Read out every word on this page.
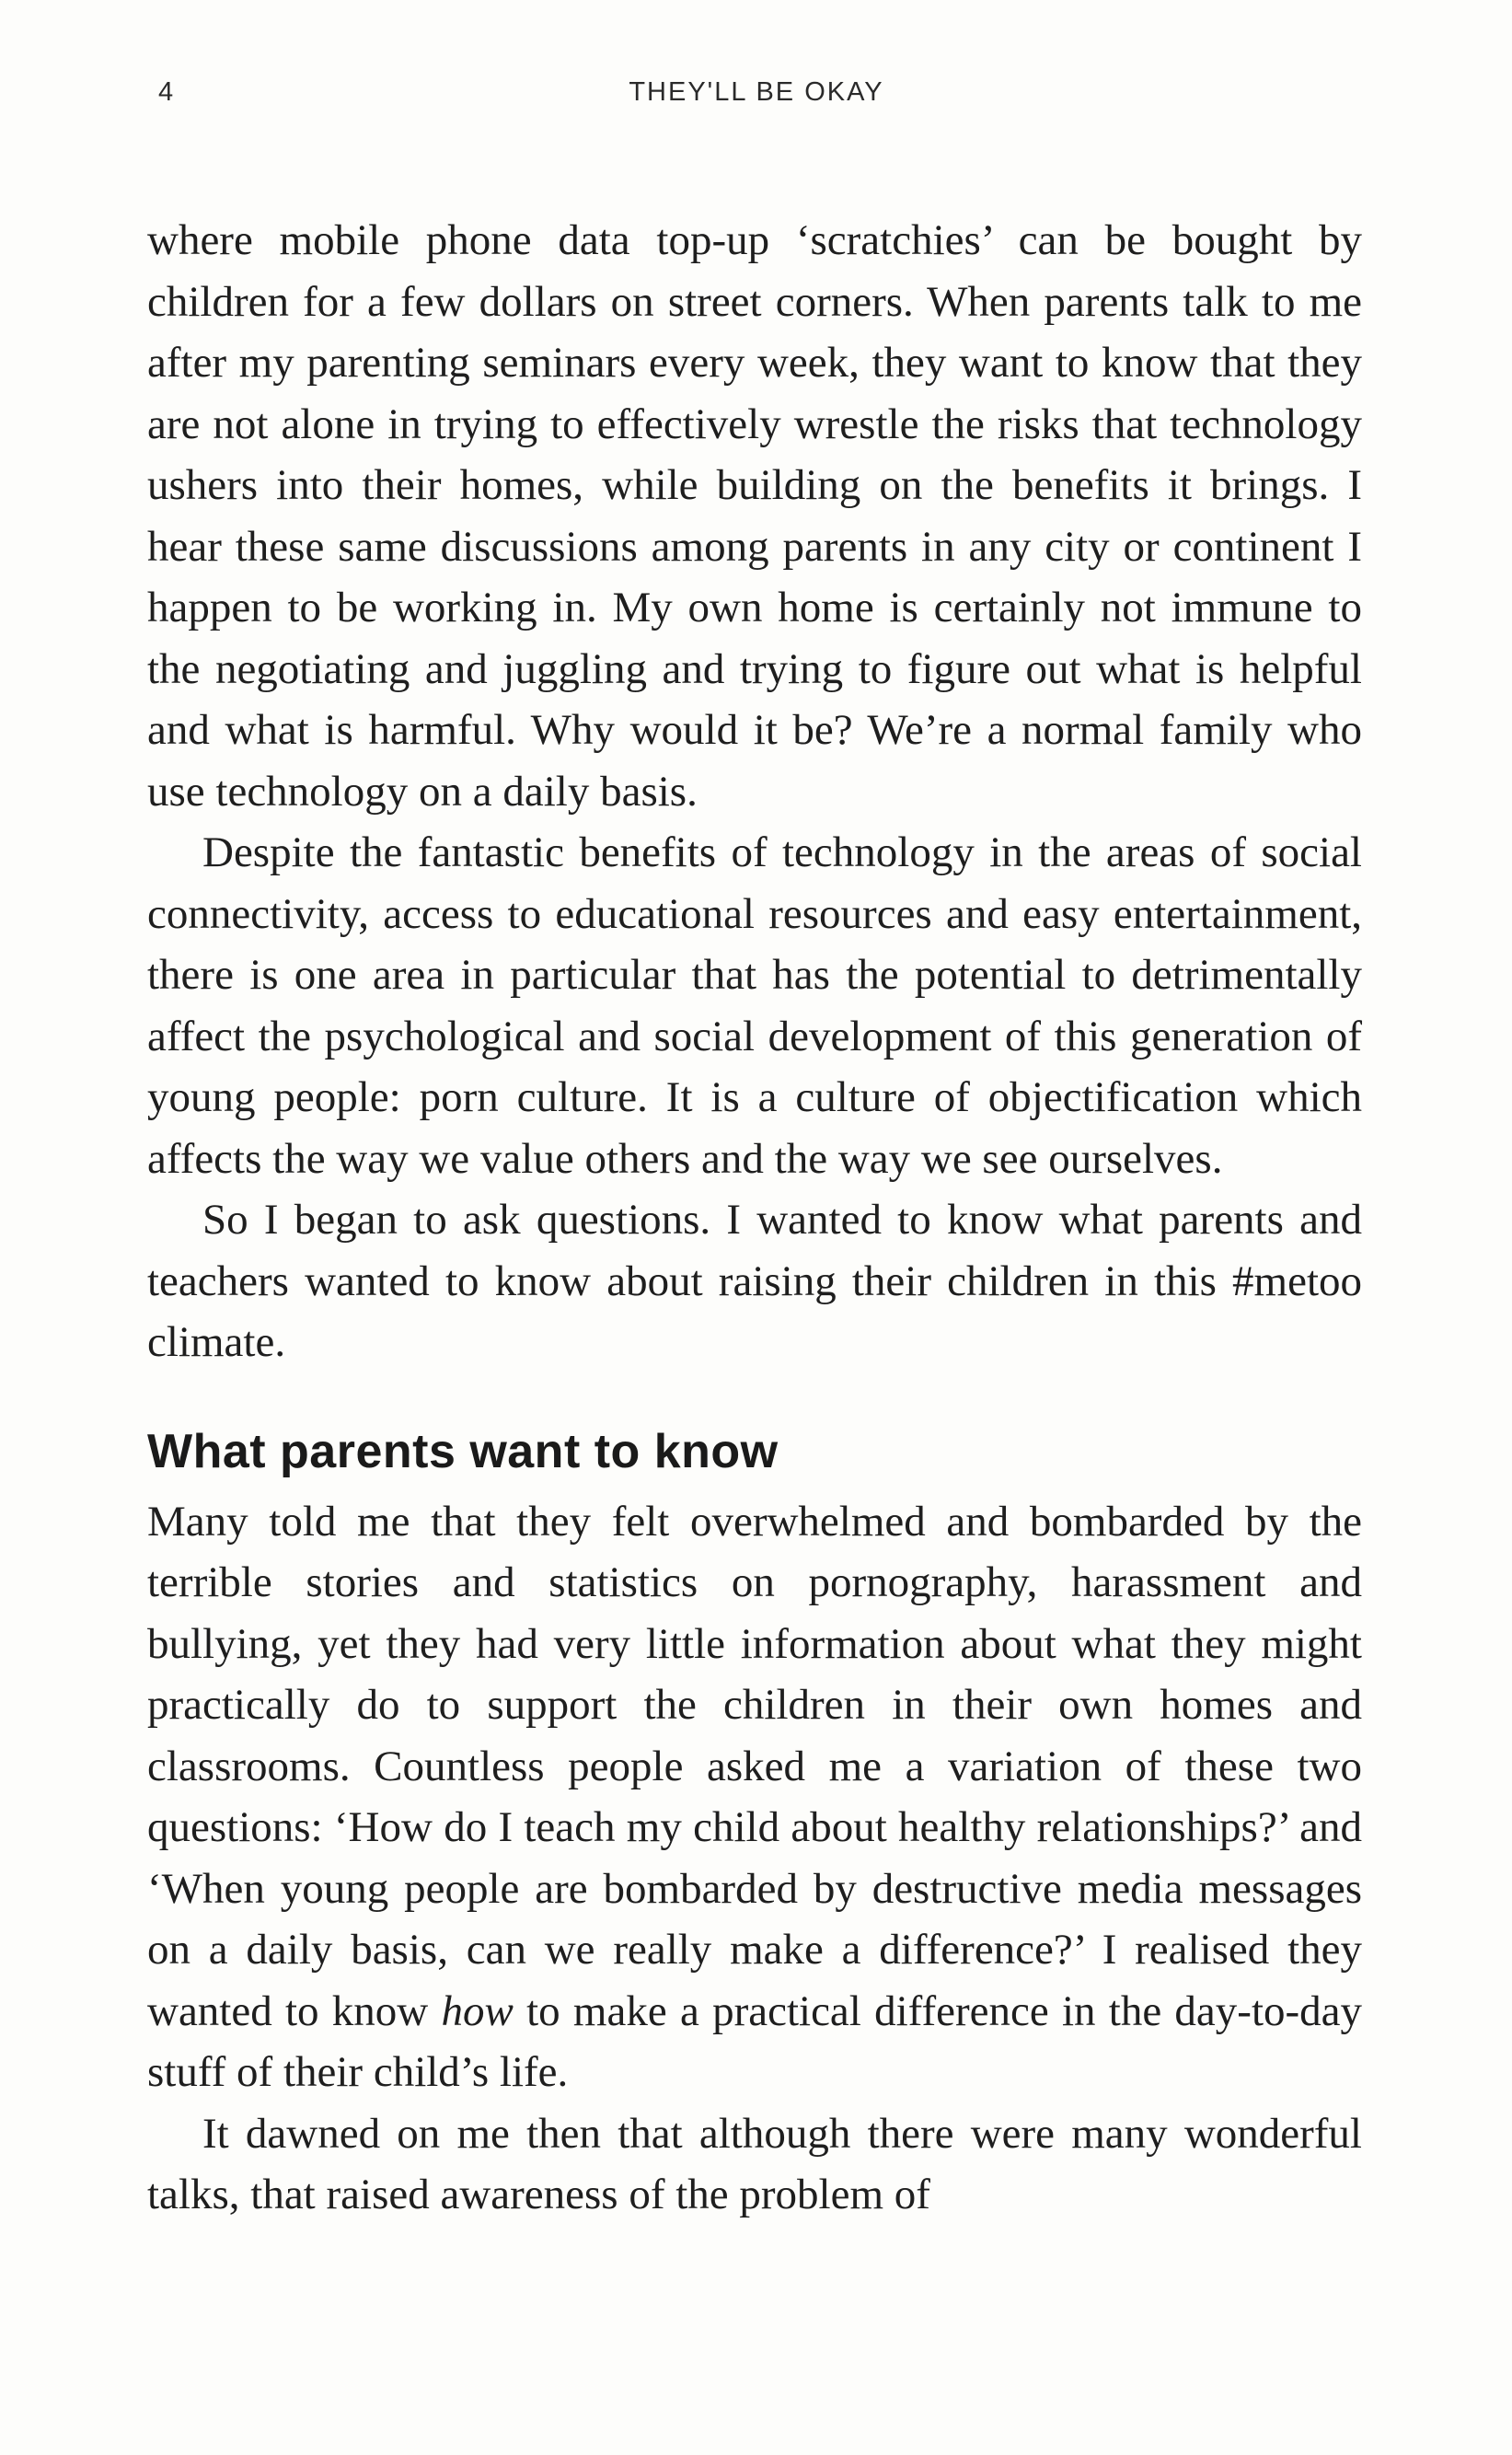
4	THEY'LL BE OKAY

where mobile phone data top-up ‘scratchies’ can be bought by children for a few dollars on street corners. When parents talk to me after my parenting seminars every week, they want to know that they are not alone in trying to effectively wrestle the risks that technology ushers into their homes, while building on the benefits it brings. I hear these same discussions among parents in any city or continent I happen to be working in. My own home is certainly not immune to the negotiating and juggling and trying to figure out what is helpful and what is harmful. Why would it be? We’re a normal family who use technology on a daily basis.

Despite the fantastic benefits of technology in the areas of social connectivity, access to educational resources and easy entertainment, there is one area in particular that has the potential to detrimentally affect the psychological and social development of this generation of young people: porn culture. It is a culture of objectification which affects the way we value others and the way we see ourselves.

So I began to ask questions. I wanted to know what parents and teachers wanted to know about raising their children in this #metoo climate.

What parents want to know

Many told me that they felt overwhelmed and bombarded by the terrible stories and statistics on pornography, harassment and bullying, yet they had very little information about what they might practically do to support the children in their own homes and classrooms. Countless people asked me a variation of these two questions: ‘How do I teach my child about healthy relationships?’ and ‘When young people are bombarded by destructive media messages on a daily basis, can we really make a difference?’ I realised they wanted to know how to make a practical difference in the day-to-day stuff of their child’s life.

It dawned on me then that although there were many wonderful talks, that raised awareness of the problem of
